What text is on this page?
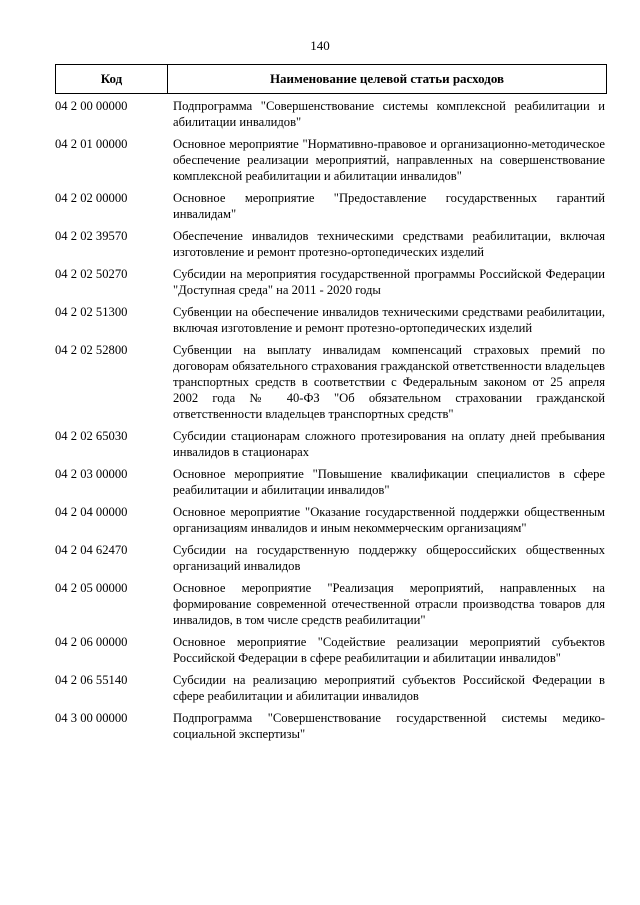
140
Код	Наименование целевой статьи расходов
04 2 00 00000	Подпрограмма "Совершенствование системы комплексной реабилитации и абилитации инвалидов"
04 2 01 00000	Основное мероприятие "Нормативно-правовое и организационно-методическое обеспечение реализации мероприятий, направленных на совершенствование комплексной реабилитации и абилитации инвалидов"
04 2 02 00000	Основное мероприятие "Предоставление государственных гарантий инвалидам"
04 2 02 39570	Обеспечение инвалидов техническими средствами реабилитации, включая изготовление и ремонт протезно-ортопедических изделий
04 2 02 50270	Субсидии на мероприятия государственной программы Российской Федерации "Доступная среда" на 2011 - 2020 годы
04 2 02 51300	Субвенции на обеспечение инвалидов техническими средствами реабилитации, включая изготовление и ремонт протезно-ортопедических изделий
04 2 02 52800	Субвенции на выплату инвалидам компенсаций страховых премий по договорам обязательного страхования гражданской ответственности владельцев транспортных средств в соответствии с Федеральным законом от 25 апреля 2002 года № 40-ФЗ "Об обязательном страховании гражданской ответственности владельцев транспортных средств"
04 2 02 65030	Субсидии стационарам сложного протезирования на оплату дней пребывания инвалидов в стационарах
04 2 03 00000	Основное мероприятие "Повышение квалификации специалистов в сфере реабилитации и абилитации инвалидов"
04 2 04 00000	Основное мероприятие "Оказание государственной поддержки общественным организациям инвалидов и иным некоммерческим организациям"
04 2 04 62470	Субсидии на государственную поддержку общероссийских общественных организаций инвалидов
04 2 05 00000	Основное мероприятие "Реализация мероприятий, направленных на формирование современной отечественной отрасли производства товаров для инвалидов, в том числе средств реабилитации"
04 2 06 00000	Основное мероприятие "Содействие реализации мероприятий субъектов Российской Федерации в сфере реабилитации и абилитации инвалидов"
04 2 06 55140	Субсидии на реализацию мероприятий субъектов Российской Федерации в сфере реабилитации и абилитации инвалидов
04 3 00 00000	Подпрограмма "Совершенствование государственной системы медико-социальной экспертизы"
